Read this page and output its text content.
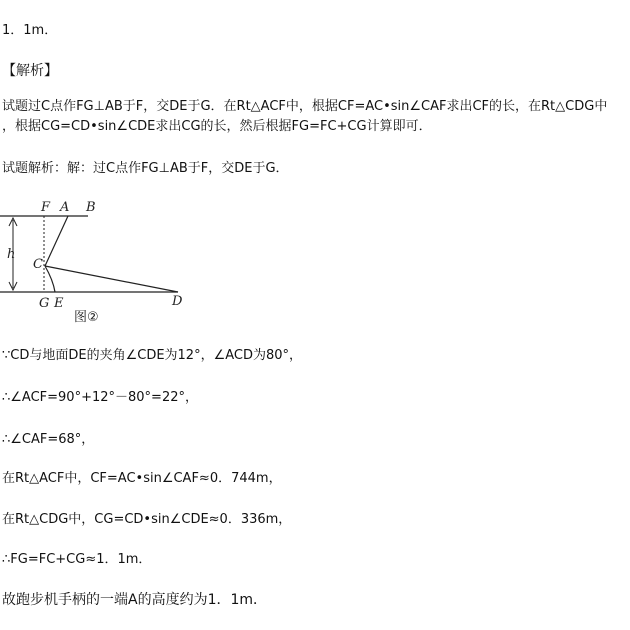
1．1m．
【解析】
试题过C点作FG⊥AB于F，交DE于G．在Rt△ACF中，根据CF=AC•sin∠CAF求出CF的长，在Rt△CDG中
，根据CG=CD•sin∠CDE求出CG的长，然后根据FG=FC+CG计算即可．
试题解析：解：过C点作FG⊥AB于F，交DE于G．
F A B
h
C
G E	D
图②
∵CD与地面DE的夹角∠CDE为12°，∠ACD为80°，
∴∠ACF=90°+12°－80°=22°，
∴∠CAF=68°，
在Rt△ACF中，CF=AC•sin∠CAF≈0．744m，
在Rt△CDG中，CG=CD•sin∠CDE≈0．336m，
∴FG=FC+CG≈1．1m．
故跑步机手柄的一端A的高度约为1．1m．
